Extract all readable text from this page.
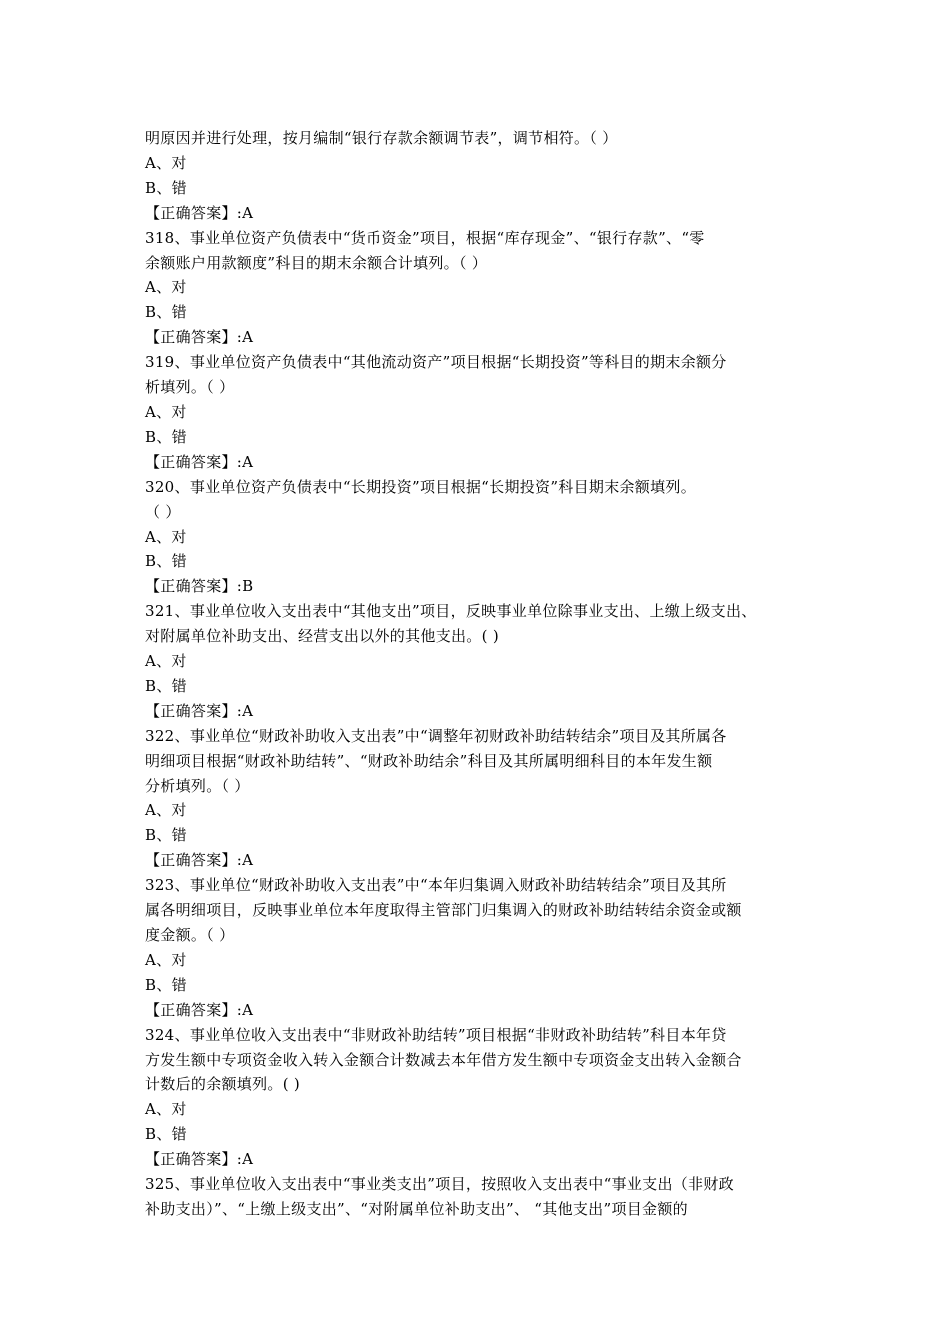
明原因并进行处理，按月编制“银行存款余额调节表”，调节相符。（ ）
A、对
B、错
【正确答案】:A
318、事业单位资产负债表中“货币资金”项目，根据“库存现金”、“银行存款”、“零
余额账户用款额度”科目的期末余额合计填列。（ ）
A、对
B、错
【正确答案】:A
319、事业单位资产负债表中“其他流动资产”项目根据“长期投资”等科目的期末余额分
析填列。（ ）
A、对
B、错
【正确答案】:A
320、事业单位资产负债表中“长期投资”项目根据“长期投资”科目期末余额填列。
（ ）
A、对
B、错
【正确答案】:B
321、事业单位收入支出表中“其他支出”项目，反映事业单位除事业支出、上缴上级支出、
对附属单位补助支出、经营支出以外的其他支出。( )
A、对
B、错
【正确答案】:A
322、事业单位“财政补助收入支出表”中“调整年初财政补助结转结余”项目及其所属各
明细项目根据“财政补助结转”、“财政补助结余”科目及其所属明细科目的本年发生额
分析填列。（ ）
A、对
B、错
【正确答案】:A
323、事业单位“财政补助收入支出表”中“本年归集调入财政补助结转结余”项目及其所
属各明细项目，反映事业单位本年度取得主管部门归集调入的财政补助结转结余资金或额
度金额。（ ）
A、对
B、错
【正确答案】:A
324、事业单位收入支出表中“非财政补助结转”项目根据“非财政补助结转”科目本年贷
方发生额中专项资金收入转入金额合计数减去本年借方发生额中专项资金支出转入金额合
计数后的余额填列。( )
A、对
B、错
【正确答案】:A
325、事业单位收入支出表中“事业类支出”项目，按照收入支出表中“事业支出（非财政
补助支出）”、“上缴上级支出”、“对附属单位补助支出”、 “其他支出”项目金额的
